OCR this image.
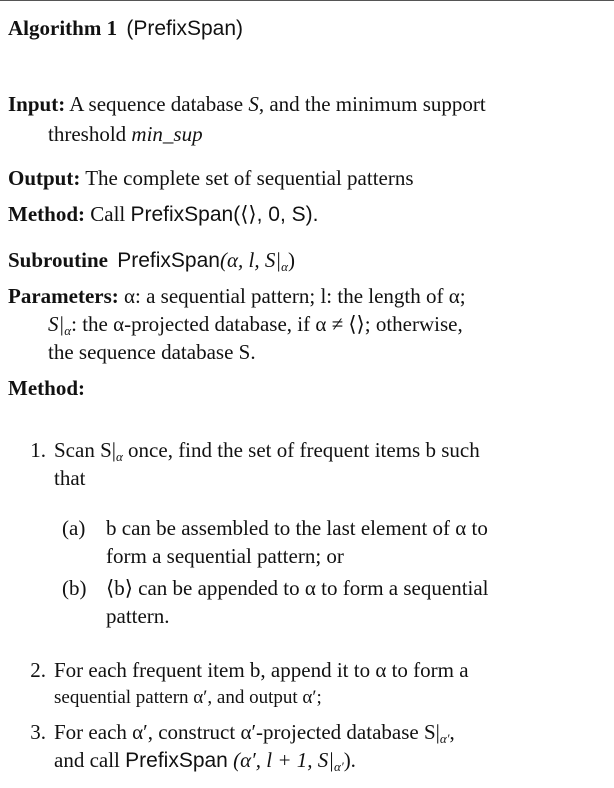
Algorithm 1 (PrefixSpan)
Input: A sequence database S, and the minimum support
threshold min_sup
Output: The complete set of sequential patterns
Method: Call PrefixSpan(⟨⟩, 0, S).
Subroutine PrefixSpan(α, l, $S|_\alpha$)
Parameters: α: a sequential pattern; l: the length of α;
$S|_\alpha$: the α-projected database, if α ≠ ⟨⟩; otherwise,
the sequence database S.
Method:
1. Scan $S|_\alpha$ once, find the set of frequent items b such
that
(a) b can be assembled to the last element of α to
form a sequential pattern; or
(b) ⟨b⟩ can be appended to α to form a sequential
pattern.
2. For each frequent item b, append it to α to form a
sequential pattern α′, and output α′;
3. For each α′, construct α′-projected database $S|_{\alpha'}$,
and call PrefixSpan (α′, l + 1, $S|_{\alpha'}$).
